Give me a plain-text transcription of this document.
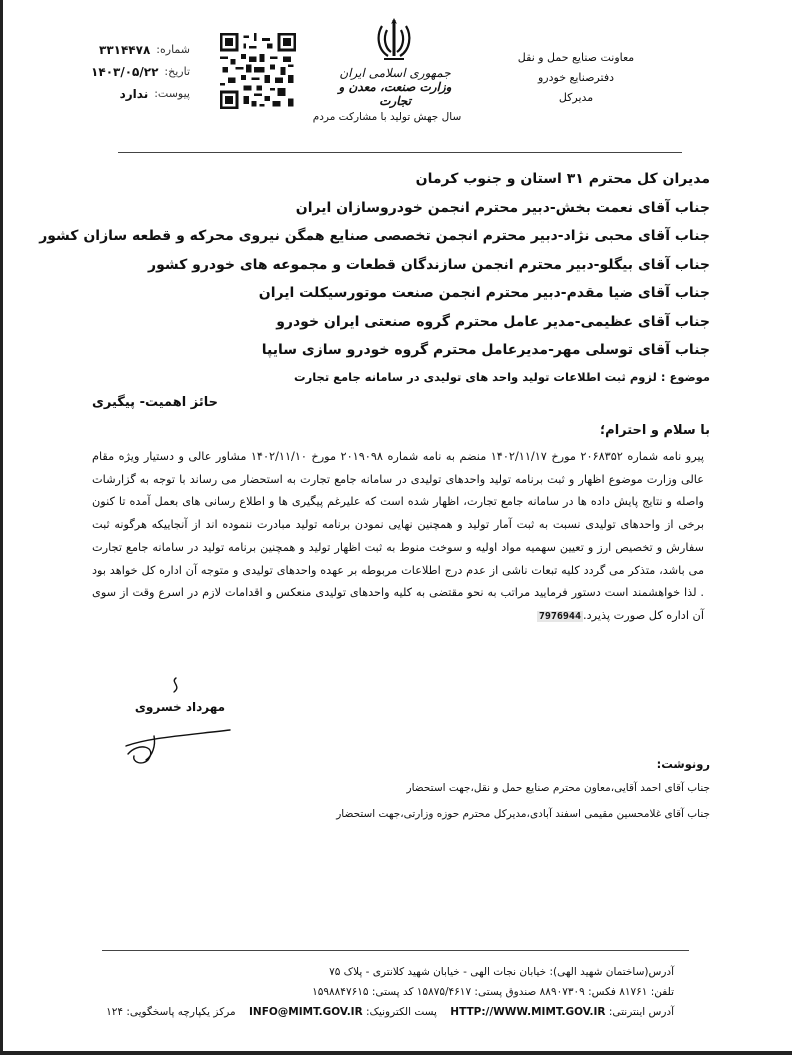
معاونت صنایع حمل و نقل
دفترصنایع خودرو
مدیرکل
جمهوری اسلامی ایران
وزارت صنعت، معدن و تجارت
سال جهش تولید با مشارکت مردم
شماره:
۳۳۱۴۴۷۸
تاریخ:
۱۴۰۳/۰۵/۲۲
پیوست:
ندارد
مدیران کل محترم ۳۱ استان و جنوب کرمان
جناب آقای نعمت بخش-دبیر محترم انجمن خودروسازان ایران
جناب آقای محبی نژاد-دبیر محترم انجمن تخصصی صنایع همگن نیروی محرکه و قطعه سازان کشور
جناب آقای بیگلو-دبیر محترم انجمن سازندگان قطعات و مجموعه های خودرو کشور
جناب آقای ضیا مقدم-دبیر محترم انجمن صنعت موتورسیکلت ایران
جناب آقای عظیمی-مدیر عامل محترم گروه صنعتی ایران خودرو
جناب آقای توسلی مهر-مدیرعامل محترم گروه خودرو سازی سایپا
موضوع : لزوم ثبت اطلاعات تولید واحد های تولیدی در سامانه جامع تجارت
حائز اهمیت- پیگیری
با سلام و احترام؛
پیرو نامه شماره ۲۰۶۸۳۵۲ مورخ ۱۴۰۲/۱۱/۱۷ منضم به نامه شماره ۲۰۱۹۰۹۸ مورخ ۱۴۰۲/۱۱/۱۰ مشاور عالی و دستیار ویژه مقام عالی وزارت موضوع اظهار و ثبت برنامه تولید واحدهای تولیدی در سامانه جامع تجارت به استحضار می رساند با توجه به گزارشات واصله و نتایج پایش داده ها در سامانه جامع تجارت، اظهار شده است که علیرغم پیگیری ها و اطلاع رسانی های بعمل آمده تا کنون برخی از واحدهای تولیدی نسبت به ثبت آمار تولید و همچنین نهایی نمودن برنامه تولید مبادرت ننموده اند از آنجاییکه هرگونه ثبت سفارش و تخصیص ارز و تعیین سهمیه مواد اولیه و سوخت منوط به ثبت اظهار تولید و همچنین برنامه تولید در سامانه جامع تجارت می باشد، متذکر می گردد کلیه تبعات ناشی از عدم درج اطلاعات مربوطه بر عهده واحدهای تولیدی و متوجه آن اداره کل خواهد بود . لذا خواهشمند است دستور فرمایید مراتب به نحو مقتضی به کلیه واحدهای تولیدی منعکس و اقدامات لازم در اسرع وقت از سوی آن اداره کل صورت پذیرد.7976944
مهرداد خسروی
رونوشت:
جناب آقای احمد آقایی،معاون محترم صنایع حمل و نقل،جهت استحضار
جناب آقای غلامحسین مقیمی اسفند آبادی،مدیرکل محترم حوزه وزارتی،جهت استحضار
آدرس(ساختمان شهید الهی): خیابان نجات الهی - خیابان شهید کلانتری - پلاک ۷۵
تلفن: ۸۱۷۶۱ فکس: ۸۸۹۰۷۳۰۹ صندوق پستی: ۱۵۸۷۵/۴۶۱۷ کد پستی: ۱۵۹۸۸۴۷۶۱۵
آدرس اینترنتی: HTTP://WWW.MIMT.GOV.IR    پست الکترونیک: INFO@MIMT.GOV.IR    مرکز یکپارچه پاسخگویی: ۱۲۴
